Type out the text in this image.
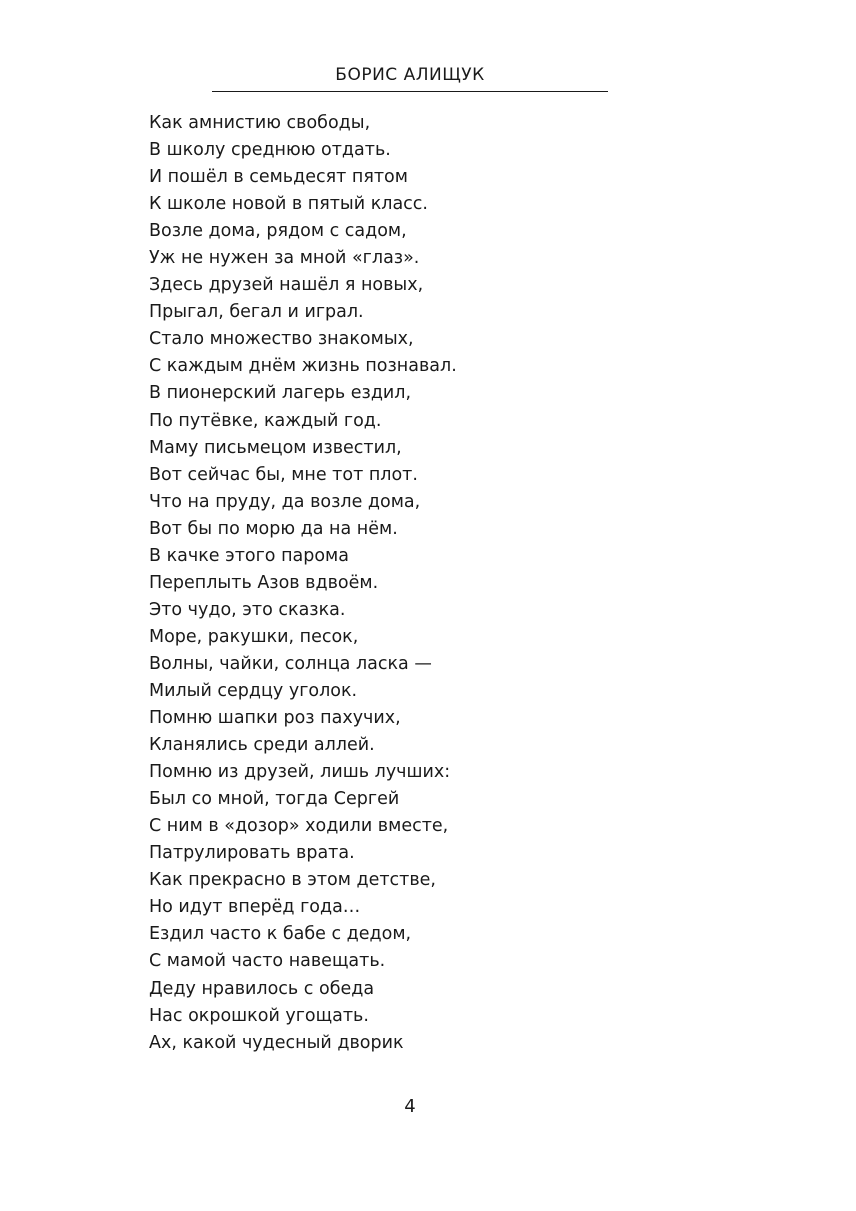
БОРИС АЛИЩУК
Как амнистию свободы,
В школу среднюю отдать.
И пошёл в семьдесят пятом
К школе новой в пятый класс.
Возле дома, рядом с садом,
Уж не нужен за мной «глаз».
Здесь друзей нашёл я новых,
Прыгал, бегал и играл.
Стало множество знакомых,
С каждым днём жизнь познавал.
В пионерский лагерь ездил,
По путёвке, каждый год.
Маму письмецом известил,
Вот сейчас бы, мне тот плот.
Что на пруду, да возле дома,
Вот бы по морю да на нём.
В качке этого парома
Переплыть Азов вдвоём.
Это чудо, это сказка.
Море, ракушки, песок,
Волны, чайки, солнца ласка —
Милый сердцу уголок.
Помню шапки роз пахучих,
Кланялись среди аллей.
Помню из друзей, лишь лучших:
Был со мной, тогда Сергей
С ним в «дозор» ходили вместе,
Патрулировать врата.
Как прекрасно в этом детстве,
Но идут вперёд года…
Ездил часто к бабе с дедом,
С мамой часто навещать.
Деду нравилось с обеда
Нас окрошкой угощать.
Ах, какой чудесный дворик
4
